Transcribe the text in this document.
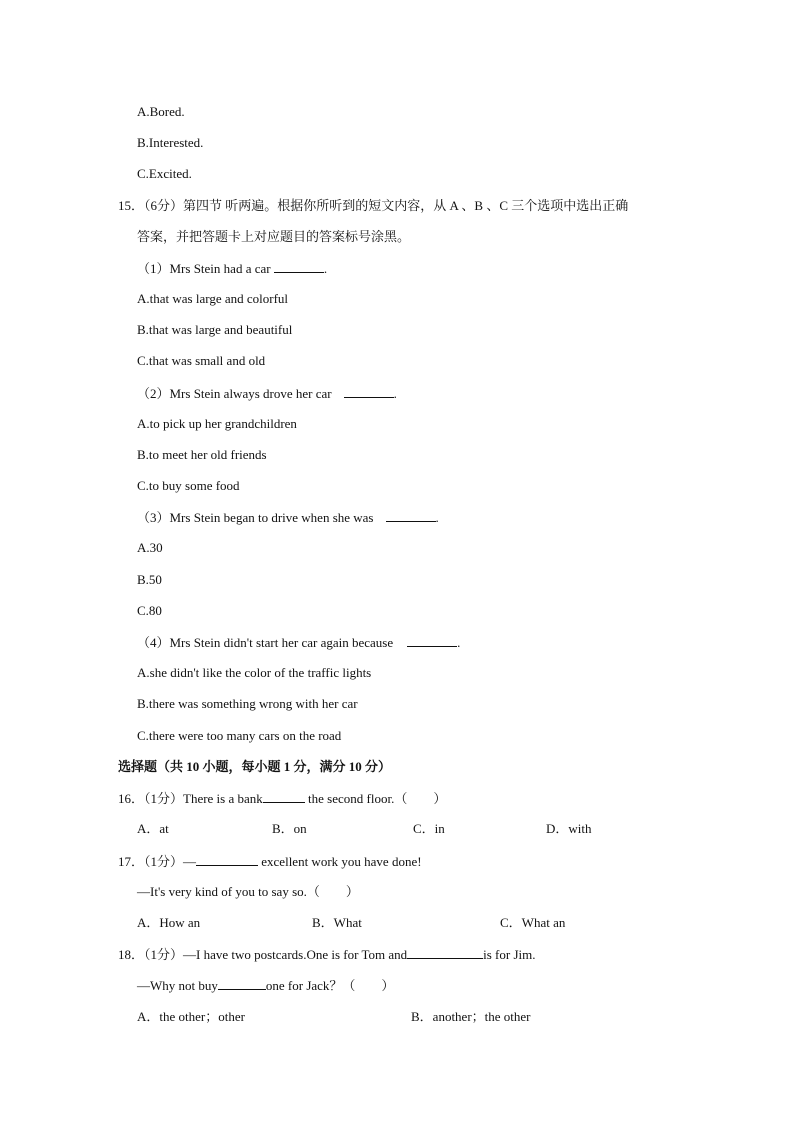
A.Bored.
B.Interested.
C.Excited.
15．（6分）第四节 听两遍。根据你所听到的短文内容，从 A 、B 、C 三个选项中选出正确
答案，并把答题卡上对应题目的答案标号涂黑。
（1）Mrs Stein had a car	.
A.that was large and colorful
B.that was large and beautiful
C.that was small and old
（2）Mrs Stein always drove her car	.
A.to pick up her grandchildren
B.to meet her old friends
C.to buy some food
（3）Mrs Stein began to drive when she was	.
A.30
B.50
C.80
（4）Mrs Stein didn't start her car again because	.
A.she didn't like the color of the traffic lights
B.there was something wrong with her car
C.there were too many cars on the road
选择题（共 10 小题，每小题 1 分，满分 10 分）
16．（1分）There is a bank	the second floor.（　　）
A．at	B．on	C．in	D．with
17．（1分）—	excellent work you have done!
—It's very kind of you to say so.（　　）
A．How an	B．What	C．What an
18．（1分）—I have two postcards.One is for Tom and	is for Jim.
—Why not buy	one for Jack？（　　）
A．the other；other	B．another；the other
